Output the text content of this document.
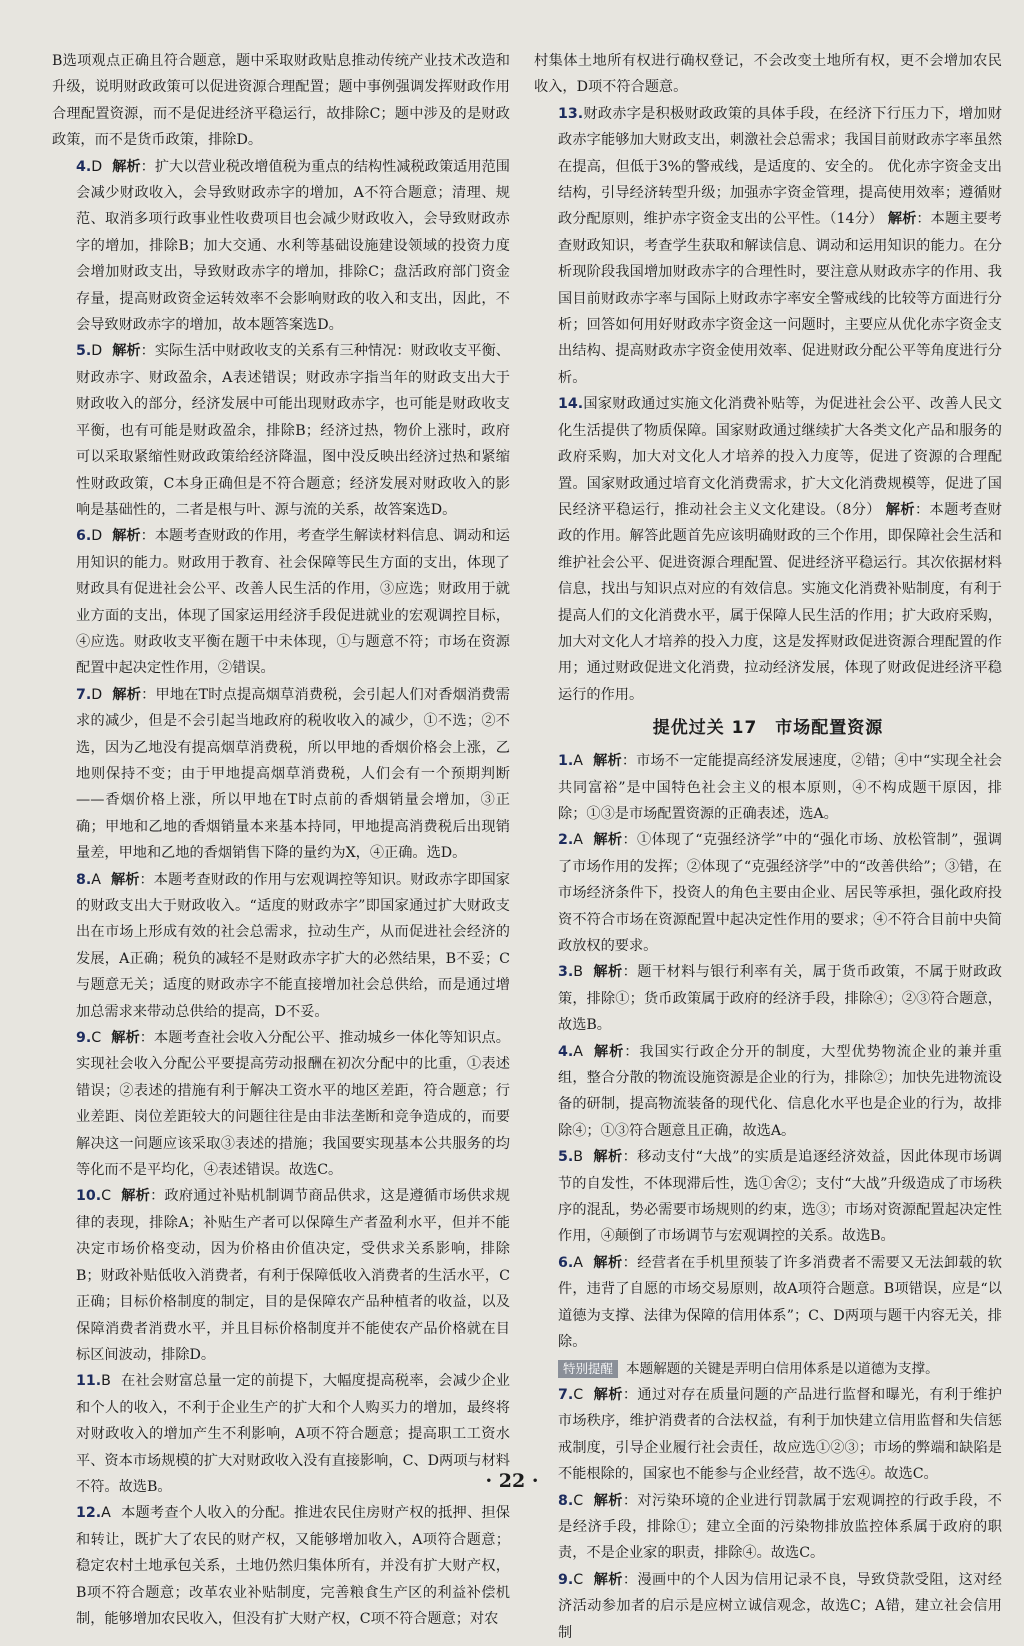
B选项观点正确且符合题意，题中采取财政贴息推动传统产业技术改造和升级，说明财政政策可以促进资源合理配置；题中事例强调发挥财政作用合理配置资源，而不是促进经济平稳运行，故排除C；题中涉及的是财政政策，而不是货币政策，排除D。

4.D 解析：扩大以营业税改增值税为重点的结构性减税政策适用范围会减少财政收入，会导致财政赤字的增加，A不符合题意；清理、规范、取消多项行政事业性收费项目也会减少财政收入，会导致财政赤字的增加，排除B；加大交通、水利等基础设施建设领域的投资力度会增加财政支出，导致财政赤字的增加，排除C；盘活政府部门资金存量，提高财政资金运转效率不会影响财政的收入和支出，因此，不会导致财政赤字的增加，故本题答案选D。

5.D 解析：实际生活中财政收支的关系有三种情况：财政收支平衡、财政赤字、财政盈余，A表述错误；财政赤字指当年的财政支出大于财政收入的部分，经济发展中可能出现财政赤字，也可能是财政收支平衡，也有可能是财政盈余，排除B；经济过热，物价上涨时，政府可以采取紧缩性财政政策给经济降温，图中没反映出经济过热和紧缩性财政政策，C本身正确但是不符合题意；经济发展对财政收入的影响是基础性的，二者是根与叶、源与流的关系，故答案选D。

6.D 解析：本题考查财政的作用，考查学生解读材料信息、调动和运用知识的能力。财政用于教育、社会保障等民生方面的支出，体现了财政具有促进社会公平、改善人民生活的作用，③应选；财政用于就业方面的支出，体现了国家运用经济手段促进就业的宏观调控目标，④应选。财政收支平衡在题干中未体现，①与题意不符；市场在资源配置中起决定性作用，②错误。

7.D 解析：甲地在T时点提高烟草消费税，会引起人们对香烟消费需求的减少，但是不会引起当地政府的税收收入的减少，①不选；②不选，因为乙地没有提高烟草消费税，所以甲地的香烟价格会上涨，乙地则保持不变；由于甲地提高烟草消费税，人们会有一个预期判断——香烟价格上涨，所以甲地在T时点前的香烟销量会增加，③正确；甲地和乙地的香烟销量本来基本持同，甲地提高消费税后出现销量差，甲地和乙地的香烟销售下降的量约为X，④正确。选D。

8.A 解析：本题考查财政的作用与宏观调控等知识。财政赤字即国家的财政支出大于财政收入。“适度的财政赤字”即国家通过扩大财政支出在市场上形成有效的社会总需求，拉动生产，从而促进社会经济的发展，A正确；税负的减轻不是财政赤字扩大的必然结果，B不妥；C与题意无关；适度的财政赤字不能直接增加社会总供给，而是通过增加总需求来带动总供给的提高，D不妥。

9.C 解析：本题考查社会收入分配公平、推动城乡一体化等知识点。实现社会收入分配公平要提高劳动报酬在初次分配中的比重，①表述错误；②表述的措施有利于解决工资水平的地区差距，符合题意；行业差距、岗位差距较大的问题往往是由非法垄断和竞争造成的，而要解决这一问题应该采取③表述的措施；我国要实现基本公共服务的均等化而不是平均化，④表述错误。故选C。

10.C 解析：政府通过补贴机制调节商品供求，这是遵循市场供求规律的表现，排除A；补贴生产者可以保障生产者盈利水平，但并不能决定市场价格变动，因为价格由价值决定，受供求关系影响，排除B；财政补贴低收入消费者，有利于保障低收入消费者的生活水平，C正确；目标价格制度的制定，目的是保障农产品种植者的收益，以及保障消费者消费水平，并且目标价格制度并不能使农产品价格就在目标区间波动，排除D。

11.B 在社会财富总量一定的前提下，大幅度提高税率，会减少企业和个人的收入，不利于企业生产的扩大和个人购买力的增加，最终将对财政收入的增加产生不利影响，A项不符合题意；提高职工工资水平、资本市场规模的扩大对财政收入没有直接影响，C、D两项与材料不符。故选B。

12.A 本题考查个人收入的分配。推进农民住房财产权的抵押、担保和转让，既扩大了农民的财产权，又能够增加收入，A项符合题意；稳定农村土地承包关系，土地仍然归集体所有，并没有扩大财产权，B项不符合题意；改革农业补贴制度，完善粮食生产区的利益补偿机制，能够增加农民收入，但没有扩大财产权，C项不符合题意；对农

村集体土地所有权进行确权登记，不会改变土地所有权，更不会增加农民收入，D项不符合题意。

13.财政赤字是积极财政政策的具体手段，在经济下行压力下，增加财政赤字能够加大财政支出，刺激社会总需求；我国目前财政赤字率虽然在提高，但低于3%的警戒线，是适度的、安全的。 优化赤字资金支出结构，引导经济转型升级；加强赤字资金管理，提高使用效率；遵循财政分配原则，维护赤字资金支出的公平性。（14分） 解析：本题主要考查财政知识，考查学生获取和解读信息、调动和运用知识的能力。在分析现阶段我国增加财政赤字的合理性时，要注意从财政赤字的作用、我国目前财政赤字率与国际上财政赤字率安全警戒线的比较等方面进行分析；回答如何用好财政赤字资金这一问题时，主要应从优化赤字资金支出结构、提高财政赤字资金使用效率、促进财政分配公平等角度进行分析。

14.国家财政通过实施文化消费补贴等，为促进社会公平、改善人民文化生活提供了物质保障。国家财政通过继续扩大各类文化产品和服务的政府采购，加大对文化人才培养的投入力度等，促进了资源的合理配置。国家财政通过培育文化消费需求，扩大文化消费规模等，促进了国民经济平稳运行，推动社会主义文化建设。（8分） 解析：本题考查财政的作用。解答此题首先应该明确财政的三个作用，即保障社会生活和维护社会公平、促进资源合理配置、促进经济平稳运行。其次依据材料信息，找出与知识点对应的有效信息。实施文化消费补贴制度，有利于提高人们的文化消费水平，属于保障人民生活的作用；扩大政府采购，加大对文化人才培养的投入力度，这是发挥财政促进资源合理配置的作用；通过财政促进文化消费，拉动经济发展，体现了财政促进经济平稳运行的作用。

提优过关 17　市场配置资源

1.A 解析：市场不一定能提高经济发展速度，②错；④中“实现全社会共同富裕”是中国特色社会主义的根本原则，④不构成题干原因，排除；①③是市场配置资源的正确表述，选A。

2.A 解析：①体现了“克强经济学”中的“强化市场、放松管制”，强调了市场作用的发挥；②体现了“克强经济学”中的“改善供给”；③错，在市场经济条件下，投资人的角色主要由企业、居民等承担，强化政府投资不符合市场在资源配置中起决定性作用的要求；④不符合目前中央简政放权的要求。

3.B 解析：题干材料与银行利率有关，属于货币政策，不属于财政政策，排除①；货币政策属于政府的经济手段，排除④；②③符合题意，故选B。

4.A 解析：我国实行政企分开的制度，大型优势物流企业的兼并重组，整合分散的物流设施资源是企业的行为，排除②；加快先进物流设备的研制，提高物流装备的现代化、信息化水平也是企业的行为，故排除④；①③符合题意且正确，故选A。

5.B 解析：移动支付“大战”的实质是追逐经济效益，因此体现市场调节的自发性，不体现滞后性，选①舍②；支付“大战”升级造成了市场秩序的混乱，势必需要市场规则的约束，选③；市场对资源配置起决定性作用，④颠倒了市场调节与宏观调控的关系。故选B。

6.A 解析：经营者在手机里预装了许多消费者不需要又无法卸载的软件，违背了自愿的市场交易原则，故A项符合题意。B项错误，应是“以道德为支撑、法律为保障的信用体系”；C、D两项与题干内容无关，排除。

特别提醒 本题解题的关键是弄明白信用体系是以道德为支撑。

7.C 解析：通过对存在质量问题的产品进行监督和曝光，有利于维护市场秩序，维护消费者的合法权益，有利于加快建立信用监督和失信惩戒制度，引导企业履行社会责任，故应选①②③；市场的弊端和缺陷是不能根除的，国家也不能参与企业经营，故不选④。故选C。

8.C 解析：对污染环境的企业进行罚款属于宏观调控的行政手段，不是经济手段，排除①；建立全面的污染物排放监控体系属于政府的职责，不是企业家的职责，排除④。故选C。

9.C 解析：漫画中的个人因为信用记录不良，导致贷款受阻，这对经济活动参加者的启示是应树立诚信观念，故选C；A错，建立社会信用制

· 22 ·
